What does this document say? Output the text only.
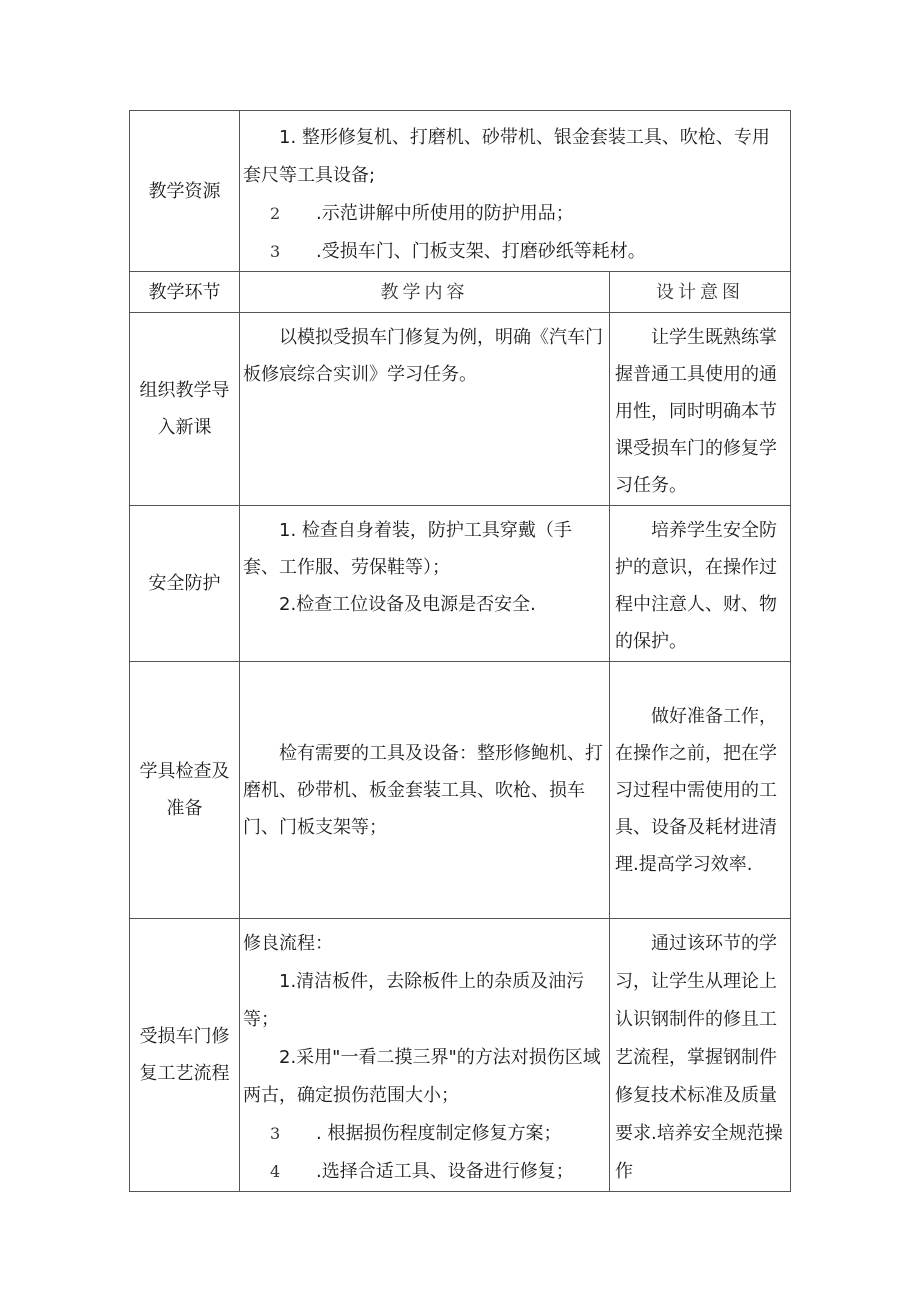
教学资源	1. 整形修复机、打磨机、砂带机、银金套装工具、吹枪、专用套尺等工具设备;

2 .示范讲解中所使用的防护用品；

3 .受损车门、门板支架、打磨砂纸等耗材。	

教学环节	教学内容	设计意图
组织教学导入新课	以模拟受损车门修复为例，明确《汽车门板修宸综合实训》学习任务。	让学生既熟练掌握普通工具使用的通用性，同时明确本节课受损车门的修复学习任务。

安全防护	1. 检查自身着装，防护工具穿戴（手套、工作服、劳保鞋等）；

2.检查工位设备及电源是否安全.	培养学生安全防护的意识，在操作过程中注意人、财、物的保护。

学具检查及准备	检有需要的工具及设备：整形修鲍机、打磨机、砂带机、板金套装工具、吹枪、损车门、门板支架等；	做好准备工作，在操作之前，把在学习过程中需使用的工具、设备及耗材进清理.提高学习效率.

受损车门修复工艺流程	修良流程：

1.清洁板件，去除板件上的杂质及油污等；

2.采用"一看二摸三界"的方法对损伤区域两古，确定损伤范围大小；

3 . 根据损伤程度制定修复方案；

4 .选择合适工具、设备进行修复；	通过该环节的学习，让学生从理论上认识钢制件的修且工艺流程，掌握钢制件修复技术标准及质量要求.培养安全规范操作
